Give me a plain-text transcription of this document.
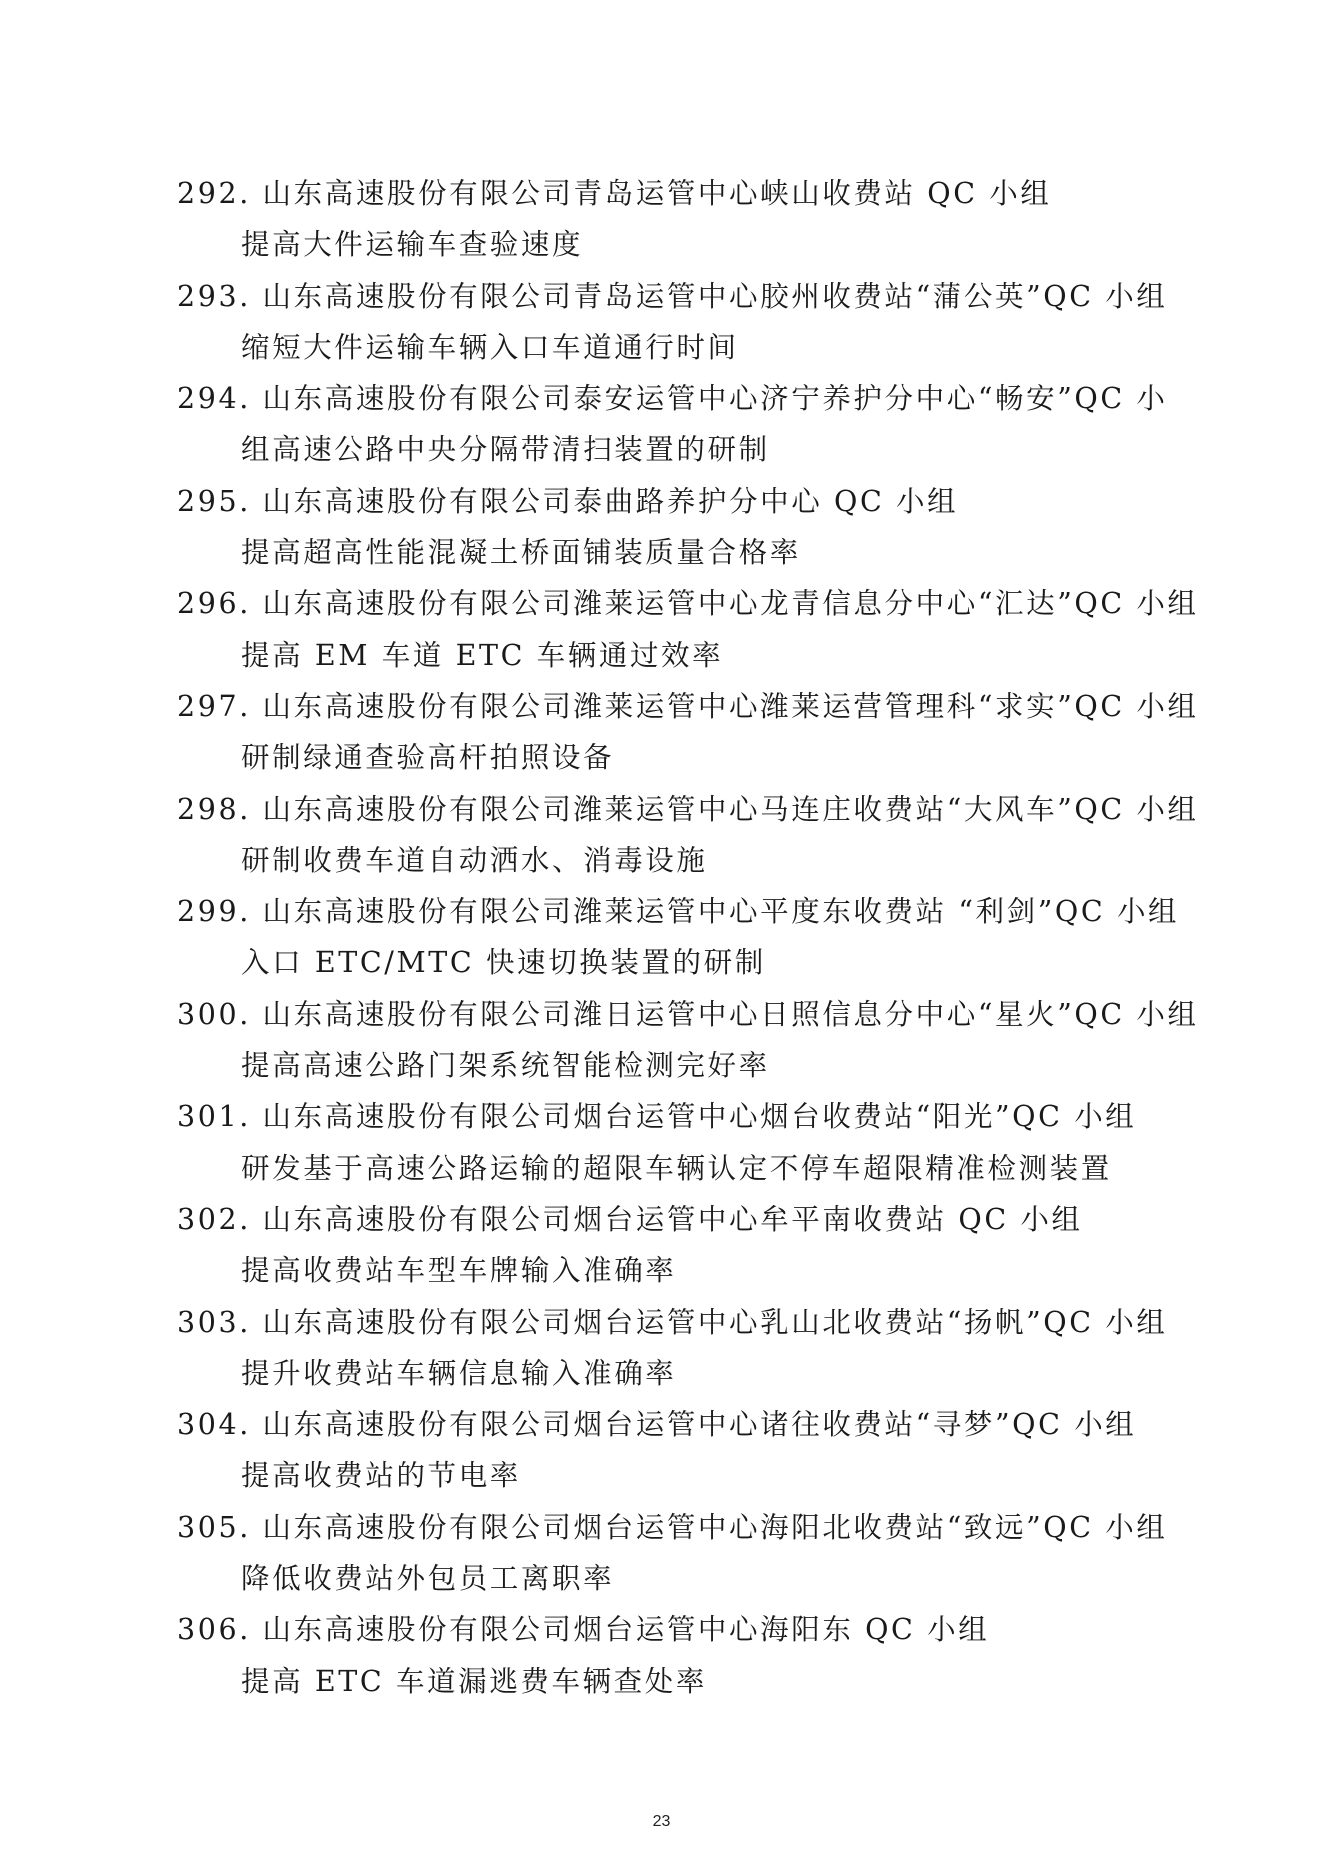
292. 山东高速股份有限公司青岛运管中心峡山收费站 QC 小组
提高大件运输车查验速度
293. 山东高速股份有限公司青岛运管中心胶州收费站“蒲公英”QC 小组
缩短大件运输车辆入口车道通行时间
294. 山东高速股份有限公司泰安运管中心济宁养护分中心“畅安”QC 小
组高速公路中央分隔带清扫装置的研制
295. 山东高速股份有限公司泰曲路养护分中心 QC 小组
提高超高性能混凝土桥面铺装质量合格率
296. 山东高速股份有限公司潍莱运管中心龙青信息分中心“汇达”QC 小组
提高 EM 车道 ETC 车辆通过效率
297. 山东高速股份有限公司潍莱运管中心潍莱运营管理科“求实”QC 小组
研制绿通查验高杆拍照设备
298. 山东高速股份有限公司潍莱运管中心马连庄收费站“大风车”QC 小组
研制收费车道自动洒水、消毒设施
299. 山东高速股份有限公司潍莱运管中心平度东收费站 “利剑”QC 小组
入口 ETC/MTC 快速切换装置的研制
300. 山东高速股份有限公司潍日运管中心日照信息分中心“星火”QC 小组
提高高速公路门架系统智能检测完好率
301. 山东高速股份有限公司烟台运管中心烟台收费站“阳光”QC 小组
研发基于高速公路运输的超限车辆认定不停车超限精准检测装置
302. 山东高速股份有限公司烟台运管中心牟平南收费站 QC 小组
提高收费站车型车牌输入准确率
303. 山东高速股份有限公司烟台运管中心乳山北收费站“扬帆”QC 小组
提升收费站车辆信息输入准确率
304. 山东高速股份有限公司烟台运管中心诸往收费站“寻梦”QC 小组
提高收费站的节电率
305. 山东高速股份有限公司烟台运管中心海阳北收费站“致远”QC 小组
降低收费站外包员工离职率
306. 山东高速股份有限公司烟台运管中心海阳东 QC 小组
提高 ETC 车道漏逃费车辆查处率
23
